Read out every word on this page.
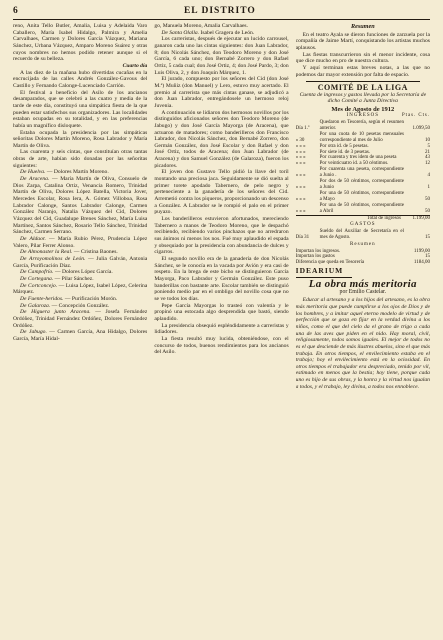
6	EL DISTRITO

reno, Anita Tello Butler, Amalia, Luisa y Adelaida Varo Caballero, María Isabel Hidalgo, Palmira y Amelia Carvalhaes, Carmen y Dolores García Vázquez, Mariana Sánchez, Urbana Vázquez, Amparo Moreno Suárez y otras cuyos nombres no hemos podido retener aunque si el recuerdo de su belleza.

Cuarto día

A las diez de la mañana hubo divertidas cucañas en la encrucijada de las calles Andrés González-Gavous del Castillo y Fernando Calonge-Lucenciado Carrión.

El festival a beneficio del Asilo de los ancianos desamparados, que se celebró a las cuatro y media de la tarde de este día, constituyó una simpática fiesta de la que pueden estar satisfechos sus organizadores. Las localidades estaban ocupadas en su totalidad, y en las preferencias había un magnífico disloquete.

Estaba ocupada la presidencia por las simpáticas señoritas Dolores Martín Moreno, Rosa Labrador y María Martín de Oliva.

Las cuarenta y seis cintas, que constituían otras tantas obras de arte, habían sido donadas por las señoritas siguientes:

De Huelva. — Dolores Martín Moreno.

De Aracena. — María Martín de Oliva, Consuelo de Dios Zarpa, Catalina Ortiz, Venancia Romero, Trinidad Martín de Oliva, Dolores López Batella, Victoria Jover, Mercedes Escolar, Rosa Iera, A. Gómez Villoboa, Rosa Labrador Calonge, Santos Labrador Calonge, Carmen González Naranjo, Natalia Vázquez del Cid, Dolores Vázquez del Cid, Guadalupe Brenes Sánchez, María Luisa Martínez, Santos Sánchez, Rosario Tello Sánchez, Trinidad Sánchez, Carmen Serrano.

De Aldaor. — María Rubio Pérez, Prudencia López Valero, Pilar Ferrer Alonso.

De Almonaster la Real. — Cristina Baones.

De Arroyomolinos de León. — Julia Galván, Antonia García, Purificación Díaz.

De Campofrío. — Dolores López García.

De Cortegana. — Pilar Sánchez.

De Cortconcejo. — Luisa López, Isabel López, Celerina Márquez.

De Fuente-heridos. — Purificación Morón.

De Galaroza. — Concepción González.

De Higuera junto Aracena. — Josefa Fernández Ordóñez, Trinidad Fernández Ordóñez, Dolores Fernández Ordóñez.

De Jabugo. — Carmen García, Ana Hidalgo, Dolores García, María Hidal-

go, Manuela Moreno, Amalia Carvalhaes.

De Santa Olalla. Isabel Gragera de León.

Los carreristas, después de ejecutar un lucido carrousel, ganaron cada uno las cintas siguientes: don Juan Labrador, 8; don Nicolás Sánchez, don Teodoro Moreno y don José García, 6 cada uno; don Bernabé Zorrero y don Rafael Ortiz, 5 cada cual; don José Ortiz, 4; don José Pardo, 3; don Luis Oliva, 2, y don Joaquín Márquez, 1.

El jurado, compuesto por los señores del Cid (don José M.ª) Muñiz (don Manuel) y Lero, estuvo muy acertado. El premio al carrerista que más cintas ganase, se adjudicó a don Juan Labrador, entregándosele un hermoso reloj Juvenia.

A continuación se lidiaron dos hermosos novillos por los distinguidos aficionados señores don Teodoro Moreno (de Jabugo) y don José García Mayorga (de Aracena), que actuaron de matadores; como banderilleros don Francisco Labrador, don Nicolás Sánchez, don Bernabé Zorrero, don Germán González, don José Escolar y don Rafael y don José Ortiz, todos de Aracena; don Juan Labrador (de Aracena) y don Samuel González (de Galaroza), fueron los picadores.

El joven don Gustavo Tello pidió la llave del toril montando una preciosa jaca. Seguidamente se dió suelta al primer torete apodado Tabernero, de pelo negro y perteneciente a la ganadería de los señores del Cid. Arremetió contra los piqueros, proporcionando un descenso a González. A Labrador se le rompió el palo en el primer puyazo.

Los banderilleros estuvieron afortunados, mereciendo Tabernero a manos de Teodoro Moreno, que le despachó recibiendo, recibiendo varios pinchazos que no arredraron sus ánimos ni menos los nos. Fué muy aplaudido el espada y obsequiado por la presidencia con abundancia de dulces y cigarros.

El segundo novillo era de la ganadería de don Nicolás Sánchez, se le conocía en la vacada por Avión y era casi de respeto. En la brega de este bicho se distinguieron García Mayorga, Paco Labrador y Germán González. Este puso banderillas con bastante arte. Escolar también se distinguió poniendo medio par en el ombligo del novillo cosa que no se ve todos los días.

Pepe García Mayorgas lo trasteó con valentía y le propinó una estocada algo desprendida que bastó, siendo aplaudido.

La presidencia obsequió espléndidamente a carreristas y lidiadores.

La fiesta resultó muy lucida, obteniéndose, con el concurso de todos, buenos rendimientos para los ancianos del Asilo.

Resumen

En el teatro Ayala se dieron funciones de zarzuela por la compañía de Jaime Martí, conquistando los artistas muchos aplausos.

Las fiestas transcurrieron sin el menor incidente, cosa que dice mucho en pro de nuestra cultura.

Y aquí terminan estas breves notas, a las que no podemos dar mayor extensión por falta de espacio.

COMITÉ DE LA LIGA
Cuenta de ingresos y gastos llevada por la Secretaría de dicho Comité a Junta Directiva
Mes de Agosto de 1912
INGRESOS	Ptas. Cts.
Día 1.º	Quedaron en Tesorería, según el resumen anterior.	1.099,50
» 30	Por una cuota de 10 pesetas mensuales correspondiente al mes de Julio	10
» » »	Por otra id. de 5 pesetas.	5
» » »	Por siete id. de 3 pesetas.	21
» » »	Por cuarenta y tres idem de una peseta	43
» » »	Por veinticuatro id. a 50 céntimos.	12
» » »	Por cuarenta una peseta, correspondiente a Junio .	4
» » »	Por dos de 50 céntimos, correspondiente a Junio	1
» » »	Por una de 50 céntimos, correspondiente a Mayo	50
» » »	Por una de 50 céntimos, correspondiente a Abril	50
Total de ingresos	1.199,00
GASTOS
Día 31	Sueldo del Auxiliar de Secretaría en el mes de Agosto.	15
Resumen
Importan los ingresos.	1199,00
Importan los gastos	15
Diferencia que queda en Tesorería	1184,00
IDEARIUM
La obra más meritoria
por Emilio Castelar.

Educar al artesano y a los hijos del artesano, es la obra más meritoria que puede cumplirse a los ojos de Dios y de los hombres, y a imitar aquel eterno modelo de virtud y de perfección que se goza en fijar en la verdad divina a los niños, como el que del cielo da el grano de trigo a cada una de las aves que piden en el nido. Hay moral, civil, religiosamente, todos somos iguales. El mejor de todos no es el que desciende de más ilustres abuelos, sino el que más trabaja. En otros tiempos, el envilecimiento estaba en el trabajo; hoy el envilecimiento está en la ociosidad. En otros tiempos el trabajador era despreciado, tenido por vil, estimado en menos que la bestia; hoy tiene, porque cada uno es hijo de sus obras, y la honra y la virtud nos igualan a todos, y el trabajo, ley divina, a todos nos ennoblece.
